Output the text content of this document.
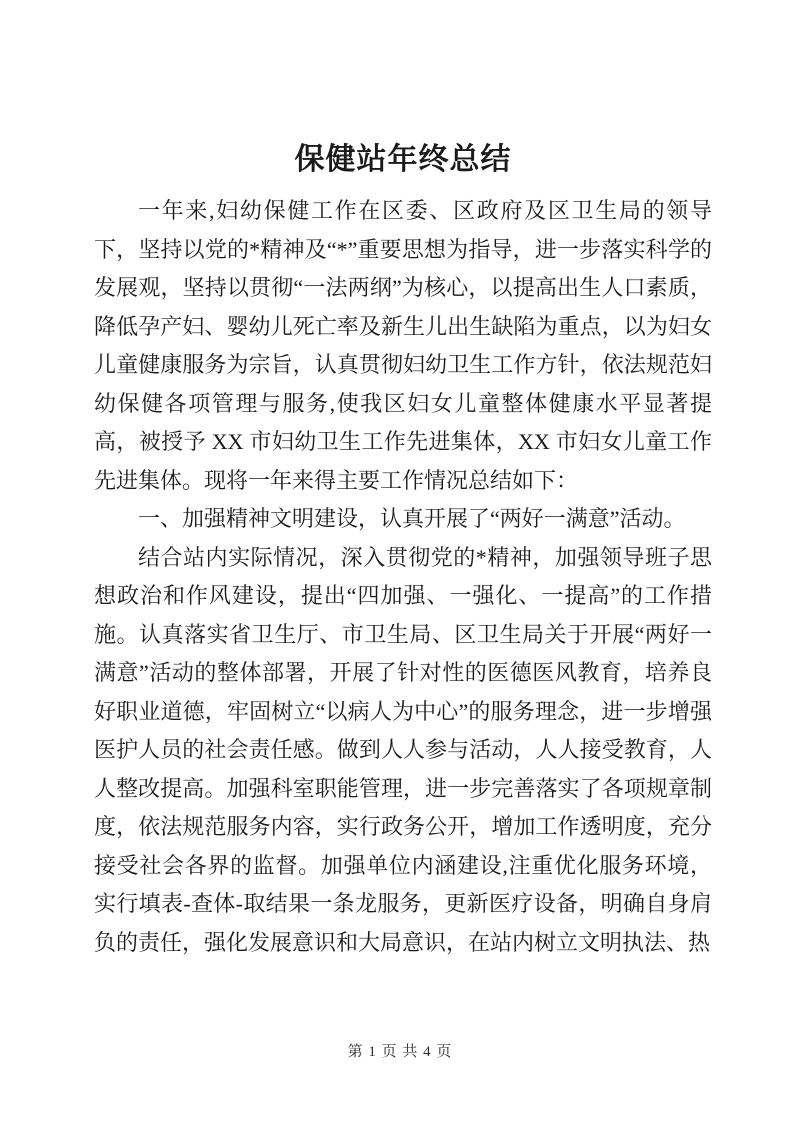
保健站年终总结

一年来,妇幼保健工作在区委、区政府及区卫生局的领导下，坚持以党的*精神及“*”重要思想为指导，进一步落实科学的发展观，坚持以贯彻“一法两纲”为核心，以提高出生人口素质，降低孕产妇、婴幼儿死亡率及新生儿出生缺陷为重点，以为妇女儿童健康服务为宗旨，认真贯彻妇幼卫生工作方针，依法规范妇幼保健各项管理与服务,使我区妇女儿童整体健康水平显著提高，被授予 XX 市妇幼卫生工作先进集体，XX 市妇女儿童工作先进集体。现将一年来得主要工作情况总结如下：

一、加强精神文明建设，认真开展了“两好一满意”活动。

结合站内实际情况，深入贯彻党的*精神，加强领导班子思想政治和作风建设，提出“四加强、一强化、一提高”的工作措施。认真落实省卫生厅、市卫生局、区卫生局关于开展“两好一满意”活动的整体部署，开展了针对性的医德医风教育，培养良好职业道德，牢固树立“以病人为中心”的服务理念，进一步增强医护人员的社会责任感。做到人人参与活动，人人接受教育，人人整改提高。加强科室职能管理，进一步完善落实了各项规章制度，依法规范服务内容，实行政务公开，增加工作透明度，充分接受社会各界的监督。加强单位内涵建设,注重优化服务环境，实行填表-查体-取结果一条龙服务，更新医疗设备，明确自身肩负的责任，强化发展意识和大局意识，在站内树立文明执法、热

第 1 页 共 4 页
